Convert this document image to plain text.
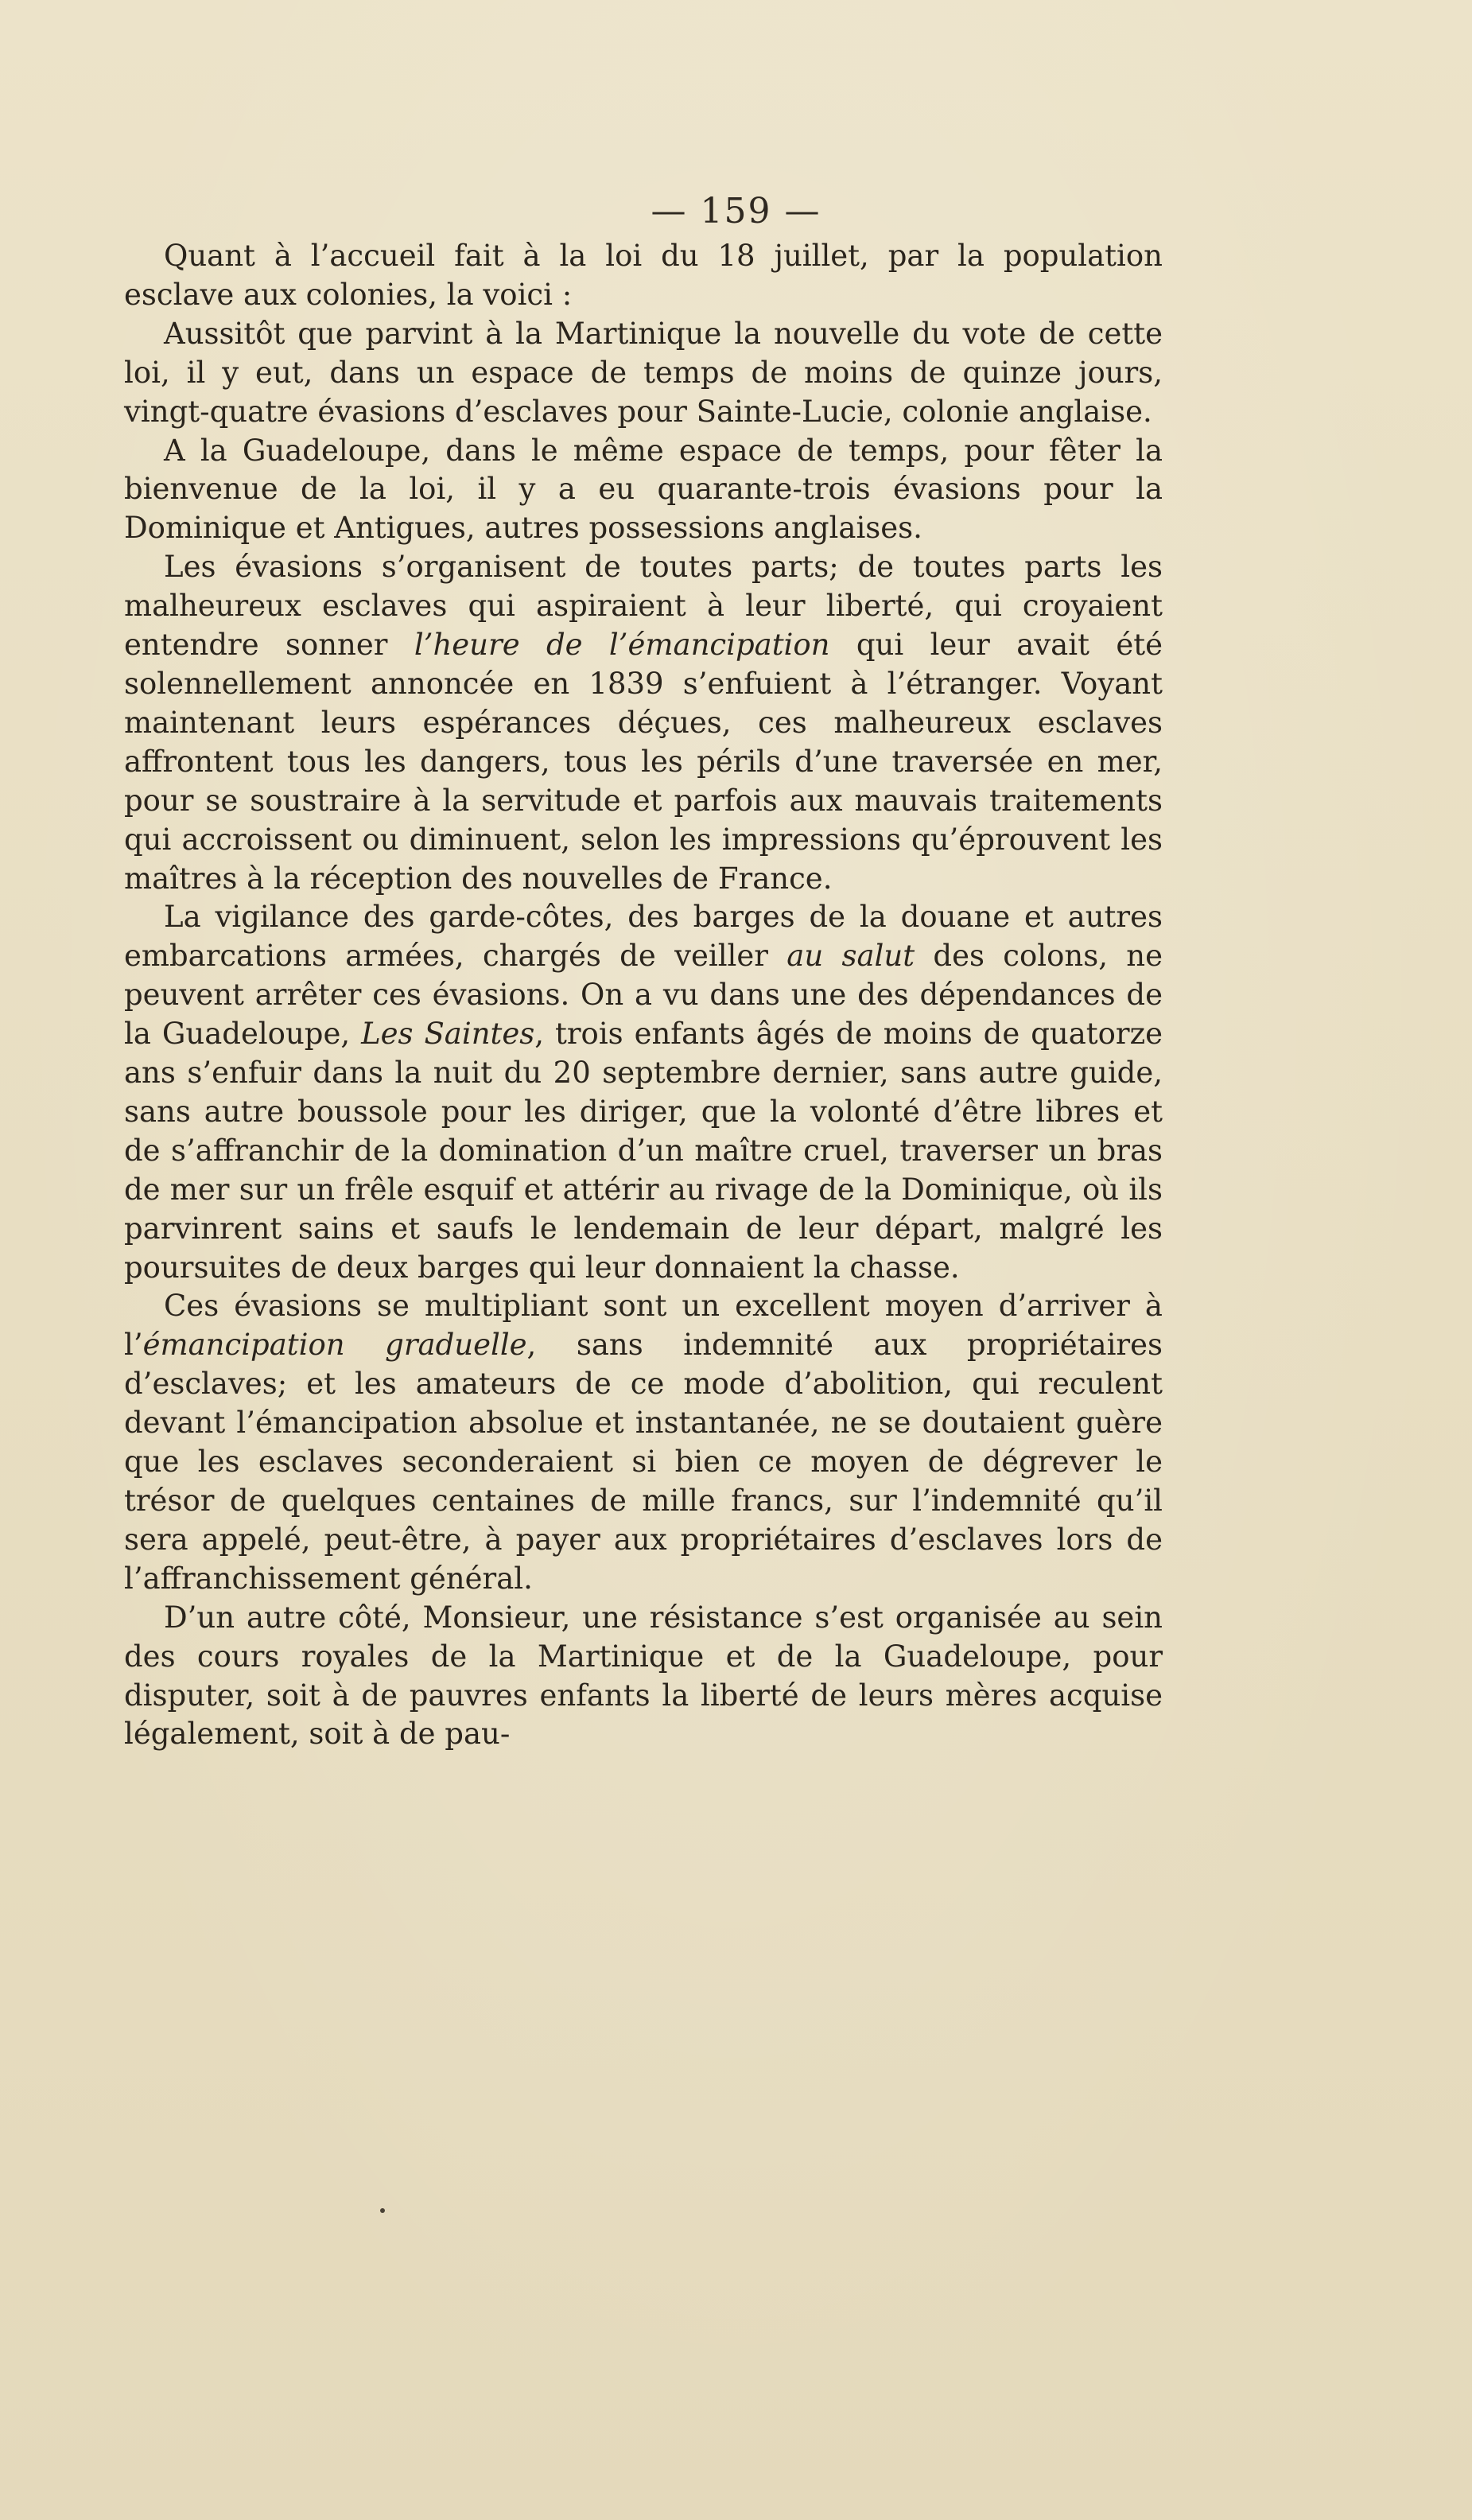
— 159 —

Quant à l’accueil fait à la loi du 18 juillet, par la population esclave aux colonies, la voici :

Aussitôt que parvint à la Martinique la nouvelle du vote de cette loi, il y eut, dans un espace de temps de moins de quinze jours, vingt-quatre évasions d’esclaves pour Sainte-Lucie, colonie anglaise.

A la Guadeloupe, dans le même espace de temps, pour fêter la bienvenue de la loi, il y a eu quarante-trois évasions pour la Dominique et Antigues, autres possessions anglaises.

Les évasions s’organisent de toutes parts; de toutes parts les malheureux esclaves qui aspiraient à leur liberté, qui croyaient entendre sonner l’heure de l’émancipation qui leur avait été solennellement annoncée en 1839 s’enfuient à l’étranger. Voyant maintenant leurs espérances déçues, ces malheureux esclaves affrontent tous les dangers, tous les périls d’une traversée en mer, pour se soustraire à la servitude et parfois aux mauvais traitements qui accroissent ou diminuent, selon les impressions qu’éprouvent les maîtres à la réception des nouvelles de France.

La vigilance des garde-côtes, des barges de la douane et autres embarcations armées, chargés de veiller au salut des colons, ne peuvent arrêter ces évasions. On a vu dans une des dépendances de la Guadeloupe, Les Saintes, trois enfants âgés de moins de quatorze ans s’enfuir dans la nuit du 20 septembre dernier, sans autre guide, sans autre boussole pour les diriger, que la volonté d’être libres et de s’affranchir de la domination d’un maître cruel, traverser un bras de mer sur un frêle esquif et attérir au rivage de la Dominique, où ils parvinrent sains et saufs le lendemain de leur départ, malgré les poursuites de deux barges qui leur donnaient la chasse.

Ces évasions se multipliant sont un excellent moyen d’arriver à l’émancipation graduelle, sans indemnité aux propriétaires d’esclaves; et les amateurs de ce mode d’abolition, qui reculent devant l’émancipation absolue et instantanée, ne se doutaient guère que les esclaves seconderaient si bien ce moyen de dégrever le trésor de quelques centaines de mille francs, sur l’indemnité qu’il sera appelé, peut-être, à payer aux propriétaires d’esclaves lors de l’affranchissement général.

D’un autre côté, Monsieur, une résistance s’est organisée au sein des cours royales de la Martinique et de la Guadeloupe, pour disputer, soit à de pauvres enfants la liberté de leurs mères acquise légalement, soit à de pau-
